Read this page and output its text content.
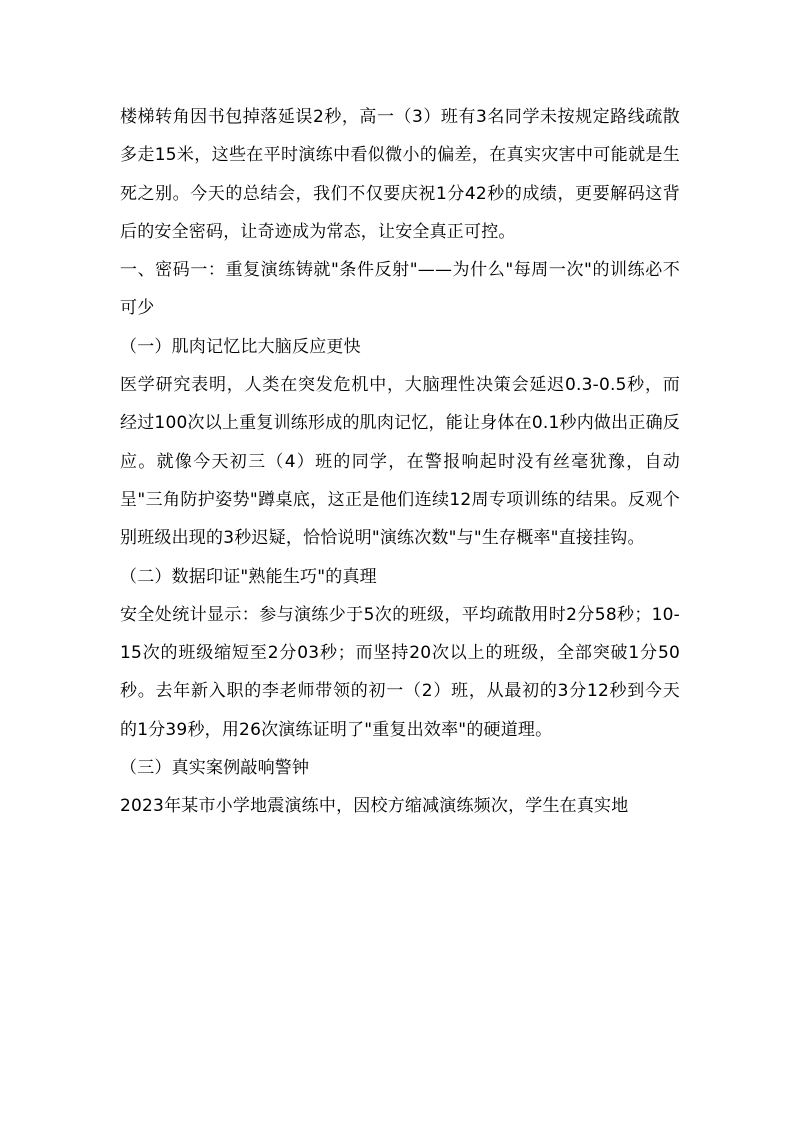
楼梯转角因书包掉落延误2秒，高一（3）班有3名同学未按规定路线疏散多走15米，这些在平时演练中看似微小的偏差，在真实灾害中可能就是生死之别。今天的总结会，我们不仅要庆祝1分42秒的成绩，更要解码这背后的安全密码，让奇迹成为常态，让安全真正可控。

一、密码一：重复演练铸就"条件反射"——为什么"每周一次"的训练必不可少

（一）肌肉记忆比大脑反应更快

医学研究表明，人类在突发危机中，大脑理性决策会延迟0.3-0.5秒，而经过100次以上重复训练形成的肌肉记忆，能让身体在0.1秒内做出正确反应。就像今天初三（4）班的同学，在警报响起时没有丝毫犹豫，自动呈"三角防护姿势"蹲桌底，这正是他们连续12周专项训练的结果。反观个别班级出现的3秒迟疑，恰恰说明"演练次数"与"生存概率"直接挂钩。

（二）数据印证"熟能生巧"的真理

安全处统计显示：参与演练少于5次的班级，平均疏散用时2分58秒；10-15次的班级缩短至2分03秒；而坚持20次以上的班级，全部突破1分50秒。去年新入职的李老师带领的初一（2）班，从最初的3分12秒到今天的1分39秒，用26次演练证明了"重复出效率"的硬道理。

（三）真实案例敲响警钟

2023年某市小学地震演练中，因校方缩减演练频次，学生在真实地
